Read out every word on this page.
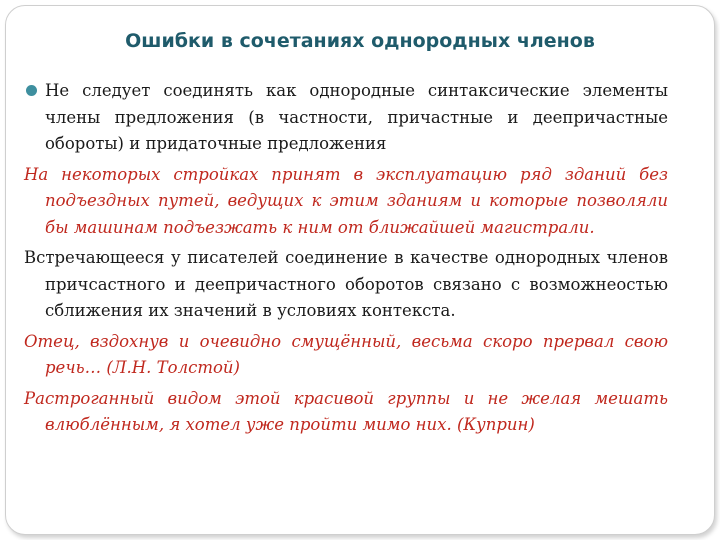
Ошибки в сочетаниях однородных членов

Не следует соединять как однородные синтаксические элементы члены предложения (в частности, причастные и деепричастные обороты) и придаточные предложения

На некоторых стройках принят в эксплуатацию ряд зданий без подъездных путей, ведущих к этим зданиям и которые позволяли бы машинам подъезжать к ним от ближайшей магистрали.

Встречающееся у писателей соединение в качестве однородных членов причсастного и деепричастного оборотов связано с возможнеостью сближения их значений в условиях контекста.

Отец, вздохнув и очевидно смущённый, весьма скоро прервал свою речь… (Л.Н. Толстой)

Растроганный видом этой красивой группы и не желая мешать влюблённым, я хотел уже пройти мимо них. (Куприн)
